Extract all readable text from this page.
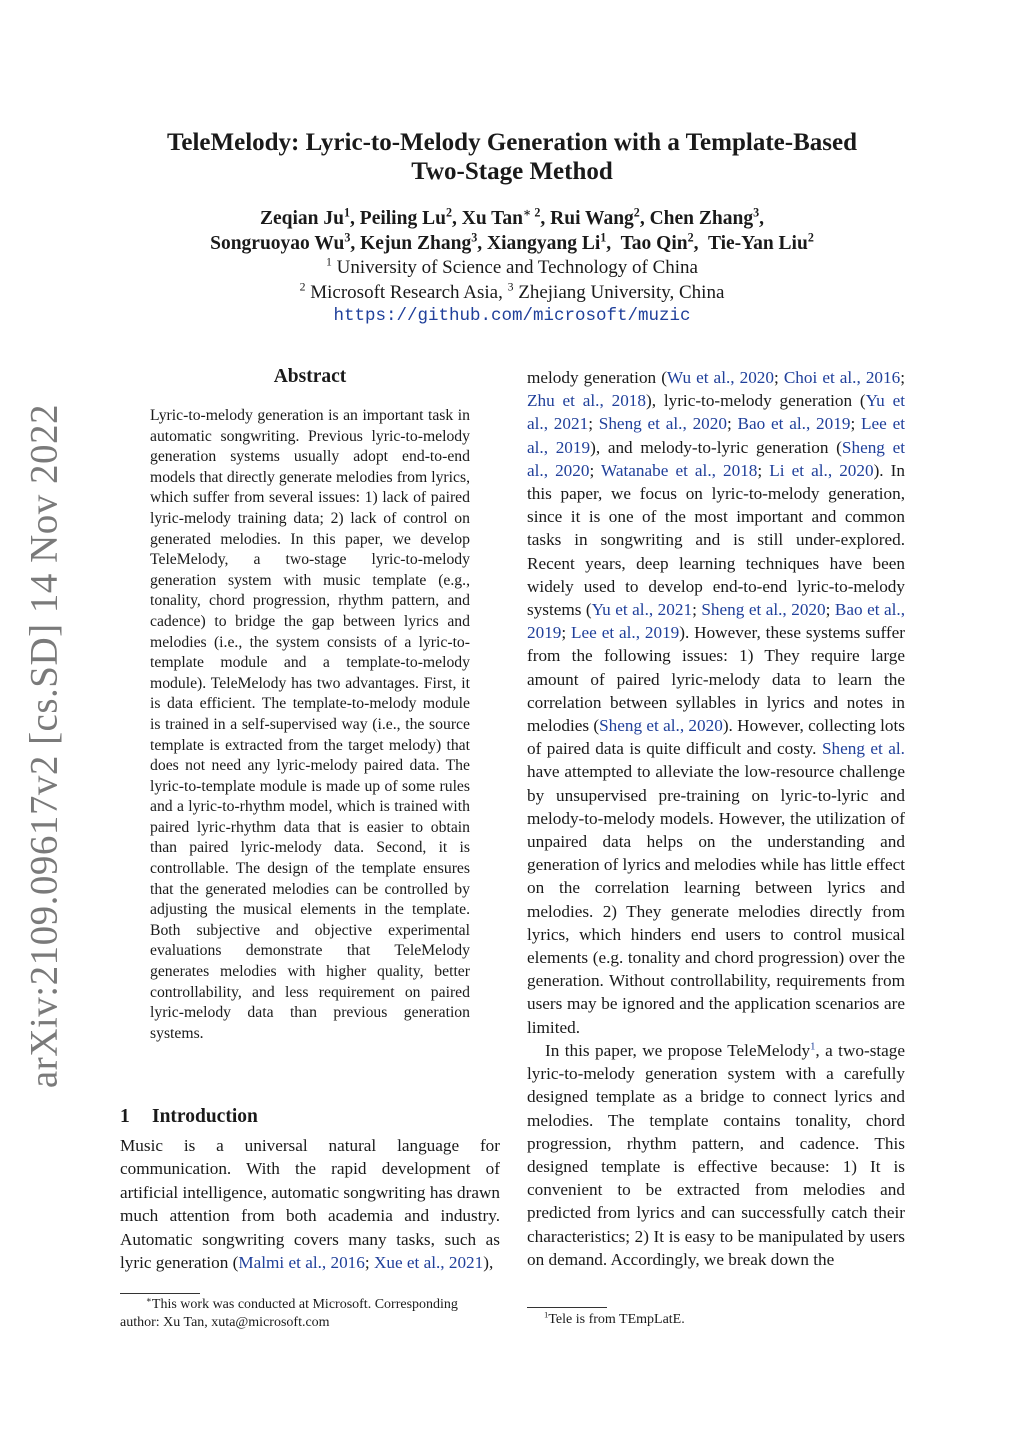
arXiv:2109.09617v2 [cs.SD] 14 Nov 2022
TeleMelody: Lyric-to-Melody Generation with a Template-Based
Two-Stage Method
Zeqian Ju$^1$, Peiling Lu$^2$, Xu Tan$^{∗ 2}$, Rui Wang$^2$, Chen Zhang$^3$,
Songruoyao Wu$^3$, Kejun Zhang$^3$, Xiangyang Li$^1$,  Tao Qin$^2$,  Tie-Yan Liu$^2$
$^1$ University of Science and Technology of China
$^2$ Microsoft Research Asia, $^3$ Zhejiang University, China
https://github.com/microsoft/muzic
Abstract
Lyric-to-melody generation is an important task in automatic songwriting. Previous lyric-to-melody generation systems usually adopt end-to-end models that directly generate melodies from lyrics, which suffer from several issues: 1) lack of paired lyric-melody training data; 2) lack of control on generated melodies. In this paper, we develop TeleMelody, a two-stage lyric-to-melody generation system with music template (e.g., tonality, chord progression, rhythm pattern, and cadence) to bridge the gap between lyrics and melodies (i.e., the system consists of a lyric-to-template module and a template-to-melody module). TeleMelody has two advantages. First, it is data efficient. The template-to-melody module is trained in a self-supervised way (i.e., the source template is extracted from the target melody) that does not need any lyric-melody paired data. The lyric-to-template module is made up of some rules and a lyric-to-rhythm model, which is trained with paired lyric-rhythm data that is easier to obtain than paired lyric-melody data. Second, it is controllable. The design of the template ensures that the generated melodies can be controlled by adjusting the musical elements in the template. Both subjective and objective experimental evaluations demonstrate that TeleMelody generates melodies with higher quality, better controllability, and less requirement on paired lyric-melody data than previous generation systems.
1 Introduction
Music is a universal natural language for communication. With the rapid development of artificial intelligence, automatic songwriting has drawn much attention from both academia and industry. Automatic songwriting covers many tasks, such as lyric generation (Malmi et al., 2016; Xue et al., 2021),
∗This work was conducted at Microsoft. Corresponding author: Xu Tan, xuta@microsoft.com

melody generation (Wu et al., 2020; Choi et al., 2016; Zhu et al., 2018), lyric-to-melody generation (Yu et al., 2021; Sheng et al., 2020; Bao et al., 2019; Lee et al., 2019), and melody-to-lyric generation (Sheng et al., 2020; Watanabe et al., 2018; Li et al., 2020). In this paper, we focus on lyric-to-melody generation, since it is one of the most important and common tasks in songwriting and is still under-explored. Recent years, deep learning techniques have been widely used to develop end-to-end lyric-to-melody systems (Yu et al., 2021; Sheng et al., 2020; Bao et al., 2019; Lee et al., 2019). However, these systems suffer from the following issues: 1) They require large amount of paired lyric-melody data to learn the correlation between syllables in lyrics and notes in melodies (Sheng et al., 2020). However, collecting lots of paired data is quite difficult and costy. Sheng et al. have attempted to alleviate the low-resource challenge by unsupervised pre-training on lyric-to-lyric and melody-to-melody models. However, the utilization of unpaired data helps on the understanding and generation of lyrics and melodies while has little effect on the correlation learning between lyrics and melodies. 2) They generate melodies directly from lyrics, which hinders end users to control musical elements (e.g. tonality and chord progression) over the generation. Without controllability, requirements from users may be ignored and the application scenarios are limited.

In this paper, we propose TeleMelody$^1$, a two-stage lyric-to-melody generation system with a carefully designed template as a bridge to connect lyrics and melodies. The template contains tonality, chord progression, rhythm pattern, and cadence. This designed template is effective because: 1) It is convenient to be extracted from melodies and predicted from lyrics and can successfully catch their characteristics; 2) It is easy to be manipulated by users on demand. Accordingly, we break down the

$^1$Tele is from TEmpLatE.
